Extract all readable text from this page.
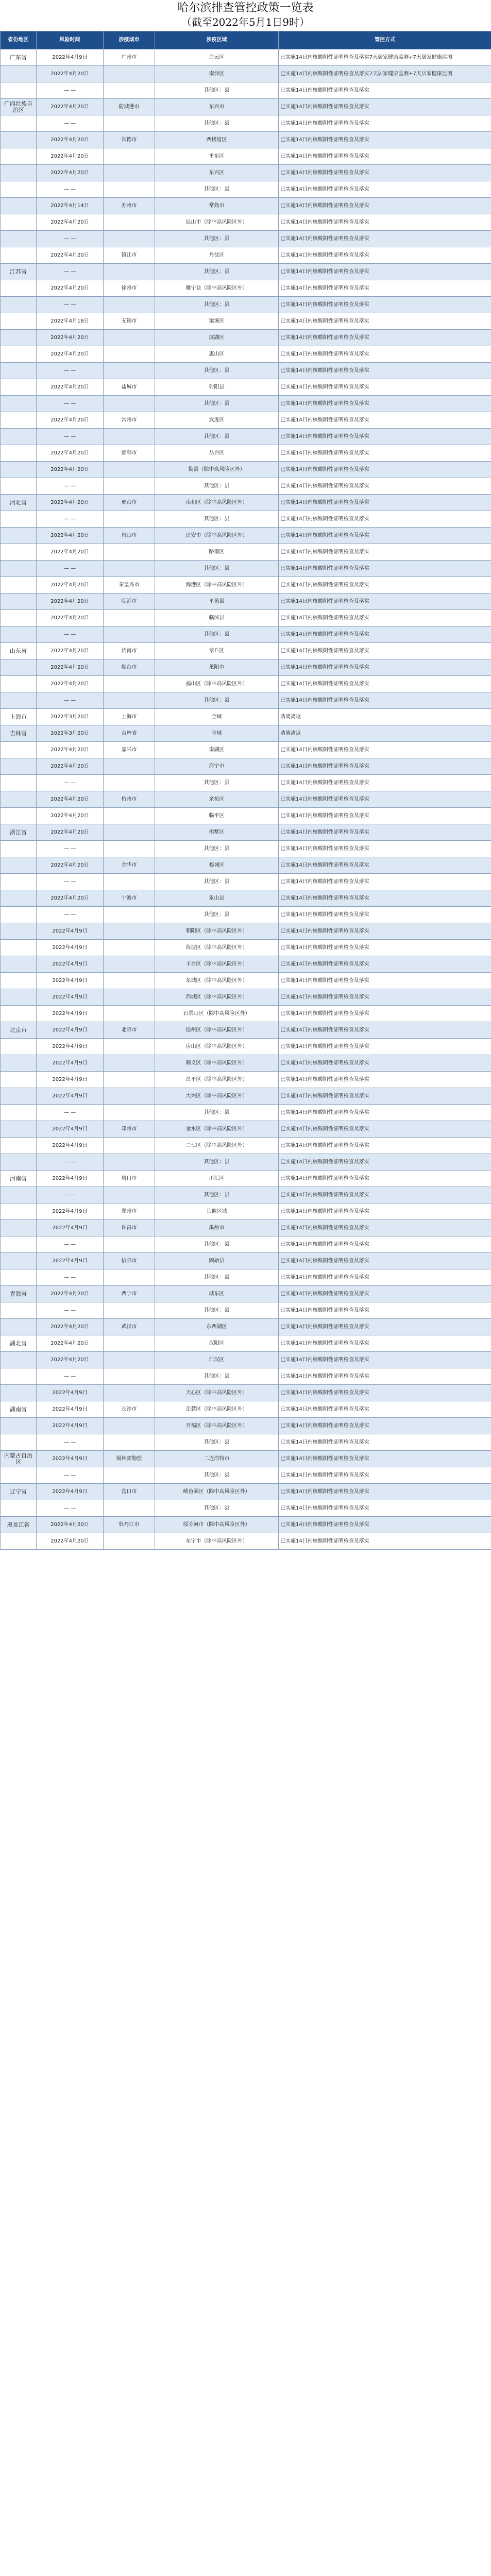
哈尔滨排查管控政策一览表
（截至2022年5月1日9时）
省份地区	风险时间	涉疫城市	涉疫区域	管控方式
广东省	2022年4月9日	广州市	白云区	已实施14日内核酸阴性证明检查及落实7天居家健康监测+7天居家健康监测
	2022年4月20日		南沙区	已实施14日内核酸阴性证明检查及落实7天居家健康监测+7天居家健康监测
	— —		其他区：县	已实施14日内核酸阴性证明检查及落实
广西壮族自治区	2022年4月20日	防城港市	东兴市	已实施14日内核酸阴性证明检查及落实
	— —		其他区：县	已实施14日内核酸阴性证明检查及落实
	2022年4月20日	常德市	西楼道区	已实施14日内核酸阴性证明检查及落实
	2022年4月20日		平东区	已实施14日内核酸阴性证明检查及落实
	2022年4月20日		东兴区	已实施14日内核酸阴性证明检查及落实
	— —		其他区：县	已实施14日内核酸阴性证明检查及落实
	2022年4月14日	苏州市	常熟市	已实施14日内核酸阴性证明检查及落实
	2022年4月20日		昆山市（除中高风险区外）	已实施14日内核酸阴性证明检查及落实
	— —		其他区：县	已实施14日内核酸阴性证明检查及落实
	2022年4月20日	镇江市	丹徒区	已实施14日内核酸阴性证明检查及落实
江苏省	— —		其他区：县	已实施14日内核酸阴性证明检查及落实
	2022年4月20日	徐州市	睢宁县（除中高风险区外）	已实施14日内核酸阴性证明检查及落实
	— —		其他区：县	已实施14日内核酸阴性证明检查及落实
	2022年4月18日	无锡市	梁溪区	已实施14日内核酸阴性证明检查及落实
	2022年4月20日		滨湖区	已实施14日内核酸阴性证明检查及落实
	2022年4月20日		惠山区	已实施14日内核酸阴性证明检查及落实
	— —		其他区：县	已实施14日内核酸阴性证明检查及落实
	2022年4月20日	盐城市	射阳县	已实施14日内核酸阴性证明检查及落实
	— —		其他区：县	已实施14日内核酸阴性证明检查及落实
	2022年4月20日	常州市	武进区	已实施14日内核酸阴性证明检查及落实
	— —		其他区：县	已实施14日内核酸阴性证明检查及落实
	2022年4月20日	邯郸市	丛台区	已实施14日内核酸阴性证明检查及落实
	2022年4月20日		魏县（除中高风险区外）	已实施14日内核酸阴性证明检查及落实
	— —		其他区：县	已实施14日内核酸阴性证明检查及落实
河北省	2022年4月20日	邢台市	南和区（除中高风险区外）	已实施14日内核酸阴性证明检查及落实
	— —		其他区：县	已实施14日内核酸阴性证明检查及落实
	2022年4月20日	唐山市	迁安市（除中高风险区外）	已实施14日内核酸阴性证明检查及落实
	2022年4月20日		路南区	已实施14日内核酸阴性证明检查及落实
	— —		其他区：县	已实施14日内核酸阴性证明检查及落实
	2022年4月20日	秦皇岛市	海港区（除中高风险区外）	已实施14日内核酸阴性证明检查及落实
	2022年4月20日	临沂市	平邑县	已实施14日内核酸阴性证明检查及落实
	2022年4月20日		临沭县	已实施14日内核酸阴性证明检查及落实
	— —		其他区：县	已实施14日内核酸阴性证明检查及落实
山东省	2022年4月20日	济南市	章丘区	已实施14日内核酸阴性证明检查及落实
	2022年4月20日	烟台市	莱阳市	已实施14日内核酸阴性证明检查及落实
	2022年4月20日		福山区（除中高风险区外）	已实施14日内核酸阴性证明检查及落实
	— —		其他区：县	已实施14日内核酸阴性证明检查及落实
上海市	2022年3月20日	上海市	全域	劝离离返
吉林省	2022年3月20日	吉林省	全域	劝离离返
	2022年4月20日	嘉兴市	南湖区	已实施14日内核酸阴性证明检查及落实
	2022年4月20日		海宁市	已实施14日内核酸阴性证明检查及落实
	— —		其他区：县	已实施14日内核酸阴性证明检查及落实
	2022年4月20日	杭州市	余杭区	已实施14日内核酸阴性证明检查及落实
	2022年4月20日		临平区	已实施14日内核酸阴性证明检查及落实
浙江省	2022年4月20日		拱墅区	已实施14日内核酸阴性证明检查及落实
	— —		其他区：县	已实施14日内核酸阴性证明检查及落实
	2022年4月20日	金华市	婺城区	已实施14日内核酸阴性证明检查及落实
	— —		其他区：县	已实施14日内核酸阴性证明检查及落实
	2022年4月20日	宁波市	象山县	已实施14日内核酸阴性证明检查及落实
	— —		其他区：县	已实施14日内核酸阴性证明检查及落实
	2022年4月9日		朝阳区（除中高风险区外）	已实施14日内核酸阴性证明检查及落实
	2022年4月9日		海淀区（除中高风险区外）	已实施14日内核酸阴性证明检查及落实
	2022年4月9日		丰台区（除中高风险区外）	已实施14日内核酸阴性证明检查及落实
	2022年4月9日		东城区（除中高风险区外）	已实施14日内核酸阴性证明检查及落实
	2022年4月9日		西城区（除中高风险区外）	已实施14日内核酸阴性证明检查及落实
	2022年4月9日		石景山区（除中高风险区外）	已实施14日内核酸阴性证明检查及落实
北京市	2022年4月9日	北京市	通州区（除中高风险区外）	已实施14日内核酸阴性证明检查及落实
	2022年4月9日		房山区（除中高风险区外）	已实施14日内核酸阴性证明检查及落实
	2022年4月9日		顺义区（除中高风险区外）	已实施14日内核酸阴性证明检查及落实
	2022年4月9日		昌平区（除中高风险区外）	已实施14日内核酸阴性证明检查及落实
	2022年4月9日		大兴区（除中高风险区外）	已实施14日内核酸阴性证明检查及落实
	— —		其他区：县	已实施14日内核酸阴性证明检查及落实
	2022年4月9日	郑州市	金水区（除中高风险区外）	已实施14日内核酸阴性证明检查及落实
	2022年4月9日		二七区（除中高风险区外）	已实施14日内核酸阴性证明检查及落实
	— —		其他区：县	已实施14日内核酸阴性证明检查及落实
河南省	2022年4月9日	周口市	川汇区	已实施14日内核酸阴性证明检查及落实
	— —		其他区：县	已实施14日内核酸阴性证明检查及落实
	2022年4月9日	郑州市	其他区域	已实施14日内核酸阴性证明检查及落实
	2022年4月9日	许昌市	禹州市	已实施14日内核酸阴性证明检查及落实
	— —		其他区：县	已实施14日内核酸阴性证明检查及落实
	2022年4月9日	信阳市	固始县	已实施14日内核酸阴性证明检查及落实
	— —		其他区：县	已实施14日内核酸阴性证明检查及落实
青海省	2022年4月20日	西宁市	城东区	已实施14日内核酸阴性证明检查及落实
	— —		其他区：县	已实施14日内核酸阴性证明检查及落实
	2022年4月20日	武汉市	东西湖区	已实施14日内核酸阴性证明检查及落实
湖北省	2022年4月20日		汉阳区	已实施14日内核酸阴性证明检查及落实
	2022年4月20日		江汉区	已实施14日内核酸阴性证明检查及落实
	— —		其他区：县	已实施14日内核酸阴性证明检查及落实
	2022年4月9日		天心区（除中高风险区外）	已实施14日内核酸阴性证明检查及落实
湖南省	2022年4月9日	长沙市	岳麓区（除中高风险区外）	已实施14日内核酸阴性证明检查及落实
	2022年4月9日		开福区（除中高风险区外）	已实施14日内核酸阴性证明检查及落实
	— —		其他区：县	已实施14日内核酸阴性证明检查及落实
内蒙古自治区	2022年4月9日	锡林郭勒盟	二连浩特市	已实施14日内核酸阴性证明检查及落实
	— —		其他区：县	已实施14日内核酸阴性证明检查及落实
辽宁省	2022年4月9日	营口市	鲅鱼圈区（除中高风险区外）	已实施14日内核酸阴性证明检查及落实
	— —		其他区：县	已实施14日内核酸阴性证明检查及落实
黑龙江省	2022年4月20日	牡丹江市	绥芬河市（除中高风险区外）	已实施14日内核酸阴性证明检查及落实
	2022年4月20日		东宁市（除中高风险区外）	已实施14日内核酸阴性证明检查及落实
